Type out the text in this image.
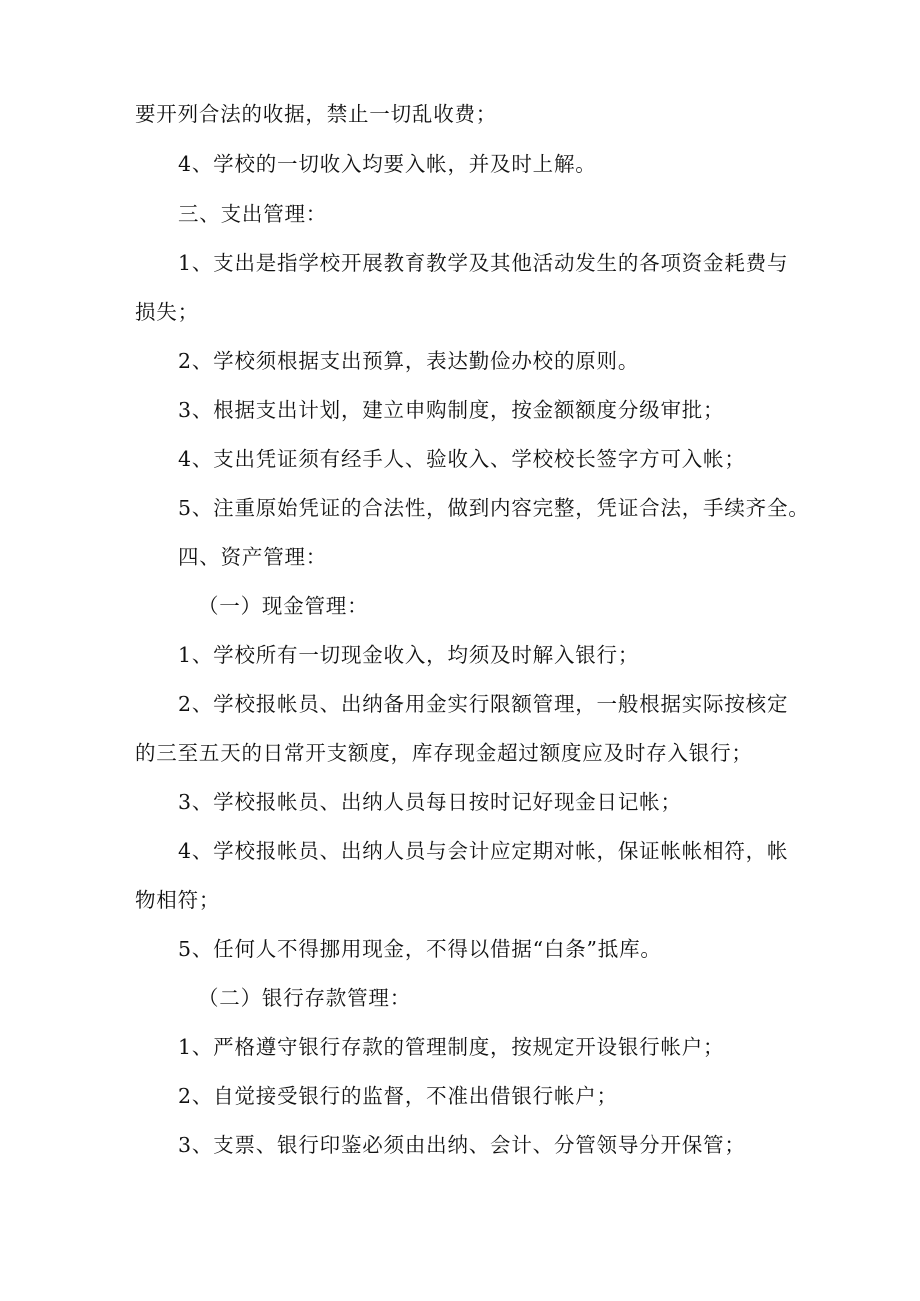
要开列合法的收据，禁止一切乱收费；
4、学校的一切收入均要入帐，并及时上解。
三、支出管理：
1、支出是指学校开展教育教学及其他活动发生的各项资金耗费与
损失；
2、学校须根据支出预算，表达勤俭办校的原则。
3、根据支出计划，建立申购制度，按金额额度分级审批；
4、支出凭证须有经手人、验收入、学校校长签字方可入帐；
5、注重原始凭证的合法性，做到内容完整，凭证合法，手续齐全。
四、资产管理：
（一）现金管理：
1、学校所有一切现金收入，均须及时解入银行；
2、学校报帐员、出纳备用金实行限额管理，一般根据实际按核定
的三至五天的日常开支额度，库存现金超过额度应及时存入银行；
3、学校报帐员、出纳人员每日按时记好现金日记帐；
4、学校报帐员、出纳人员与会计应定期对帐，保证帐帐相符，帐
物相符；
5、任何人不得挪用现金，不得以借据“白条”抵库。
（二）银行存款管理：
1、严格遵守银行存款的管理制度，按规定开设银行帐户；
2、自觉接受银行的监督，不准出借银行帐户；
3、支票、银行印鉴必须由出纳、会计、分管领导分开保管；
